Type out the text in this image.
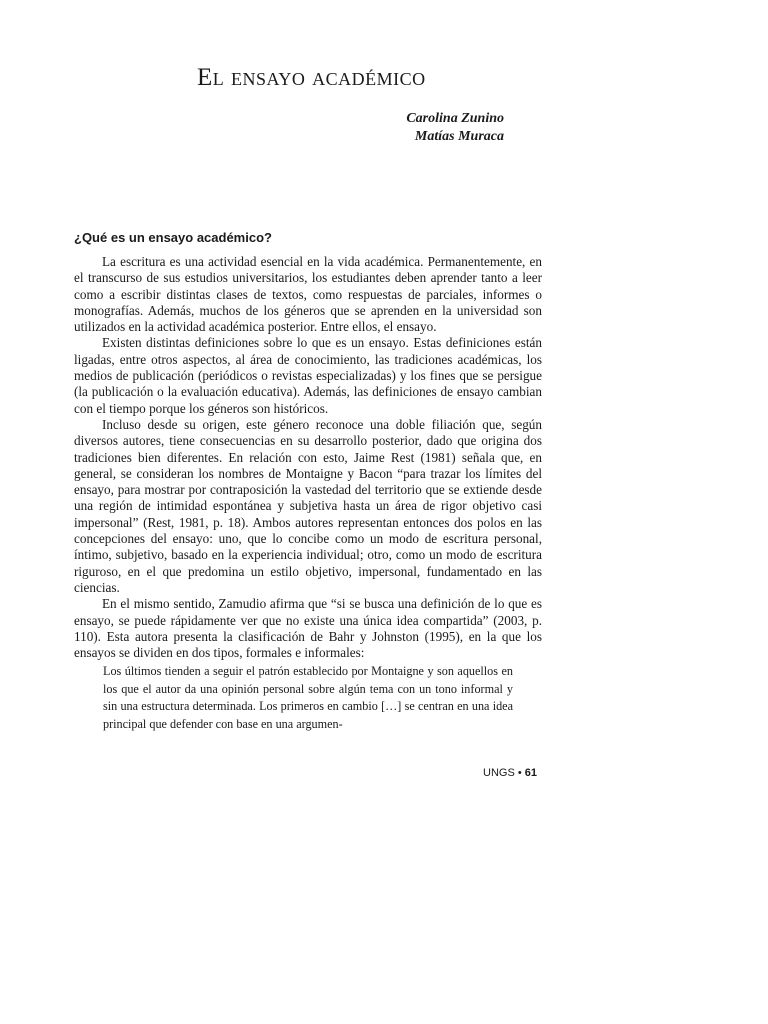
El ensayo académico
Carolina Zunino
Matías Muraca
¿Qué es un ensayo académico?

La escritura es una actividad esencial en la vida académica. Permanentemente, en el transcurso de sus estudios universitarios, los estudiantes deben aprender tanto a leer como a escribir distintas clases de textos, como respuestas de parciales, informes o monografías. Además, muchos de los géneros que se aprenden en la universidad son utilizados en la actividad académica posterior. Entre ellos, el ensayo.

Existen distintas definiciones sobre lo que es un ensayo. Estas definiciones están ligadas, entre otros aspectos, al área de conocimiento, las tradiciones académicas, los medios de publicación (periódicos o revistas especializadas) y los fines que se persigue (la publicación o la evaluación educativa). Además, las definiciones de ensayo cambian con el tiempo porque los géneros son históricos.

Incluso desde su origen, este género reconoce una doble filiación que, según diversos autores, tiene consecuencias en su desarrollo posterior, dado que origina dos tradiciones bien diferentes. En relación con esto, Jaime Rest (1981) señala que, en general, se consideran los nombres de Montaigne y Bacon “para trazar los límites del ensayo, para mostrar por contraposición la vastedad del territorio que se extiende desde una región de intimidad espontánea y subjetiva hasta un área de rigor objetivo casi impersonal” (Rest, 1981, p. 18). Ambos autores representan entonces dos polos en las concepciones del ensayo: uno, que lo concibe como un modo de escritura personal, íntimo, subjetivo, basado en la experiencia individual; otro, como un modo de escritura riguroso, en el que predomina un estilo objetivo, impersonal, fundamentado en las ciencias.

En el mismo sentido, Zamudio afirma que “si se busca una definición de lo que es ensayo, se puede rápidamente ver que no existe una única idea compartida” (2003, p. 110). Esta autora presenta la clasificación de Bahr y Johnston (1995), en la que los ensayos se dividen en dos tipos, formales e informales:

Los últimos tienden a seguir el patrón establecido por Montaigne y son aquellos en los que el autor da una opinión personal sobre algún tema con un tono informal y sin una estructura determinada. Los primeros en cambio […] se centran en una idea principal que defender con base en una argumen-

UNGS • 61
